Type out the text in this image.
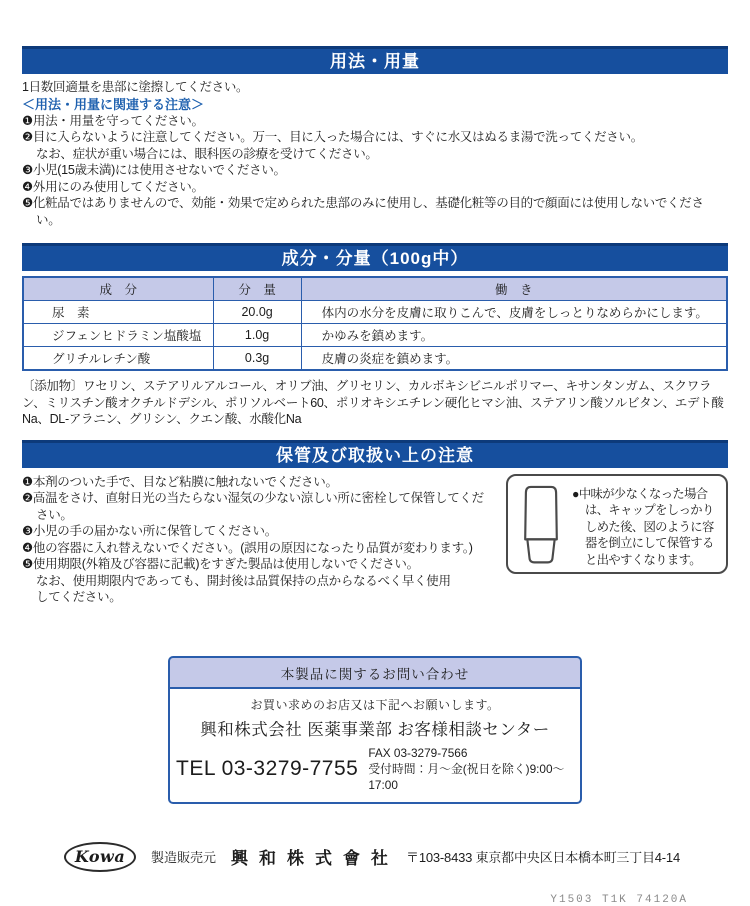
用法・用量

1日数回適量を患部に塗擦してください。

＜用法・用量に関連する注意＞

❶用法・用量を守ってください。

❷目に入らないように注意してください。万一、目に入った場合には、すぐに水又はぬるま湯で洗ってください。

なお、症状が重い場合には、眼科医の診療を受けてください。

❸小児(15歳未満)には使用させないでください。

❹外用にのみ使用してください。

❺化粧品ではありませんので、効能・効果で定められた患部のみに使用し、基礎化粧等の目的で顔面には使用しないでください。

成分・分量（100g中）
成　分	分　量	働　き
尿　素	20.0g	体内の水分を皮膚に取りこんで、皮膚をしっとりなめらかにします。
ジフェンヒドラミン塩酸塩	1.0g	かゆみを鎮めます。
グリチルレチン酸	0.3g	皮膚の炎症を鎮めます。

〔添加物〕ワセリン、ステアリルアルコール、オリブ油、グリセリン、カルボキシビニルポリマー、キサンタンガム、スクワラン、ミリスチン酸オクチルドデシル、ポリソルベート60、ポリオキシエチレン硬化ヒマシ油、ステアリン酸ソルビタン、エデト酸Na、DL-アラニン、グリシン、クエン酸、水酸化Na

保管及び取扱い上の注意

❶本剤のついた手で、目など粘膜に触れないでください。

❷高温をさけ、直射日光の当たらない湿気の少ない涼しい所に密栓して保管してください。

❸小児の手の届かない所に保管してください。

❹他の容器に入れ替えないでください。(誤用の原因になったり品質が変わります。)

❺使用期限(外箱及び容器に記載)をすぎた製品は使用しないでください。

なお、使用期限内であっても、開封後は品質保持の点からなるべく早く使用してください。

●中味が少なくなった場合は、キャップをしっかりしめた後、図のように容器を倒立にして保管すると出やすくなります。

本製品に関するお問い合わせ

お買い求めのお店又は下記へお願いします。

興和株式会社 医薬事業部 お客様相談センター

TEL 03-3279-7755
FAX 03-3279-7566
受付時間：月〜金(祝日を除く)9:00〜17:00
Kowa 製造販売元 興和株式會社 〒103-8433 東京都中央区日本橋本町三丁目4-14
Y1503 T1K 74120A
